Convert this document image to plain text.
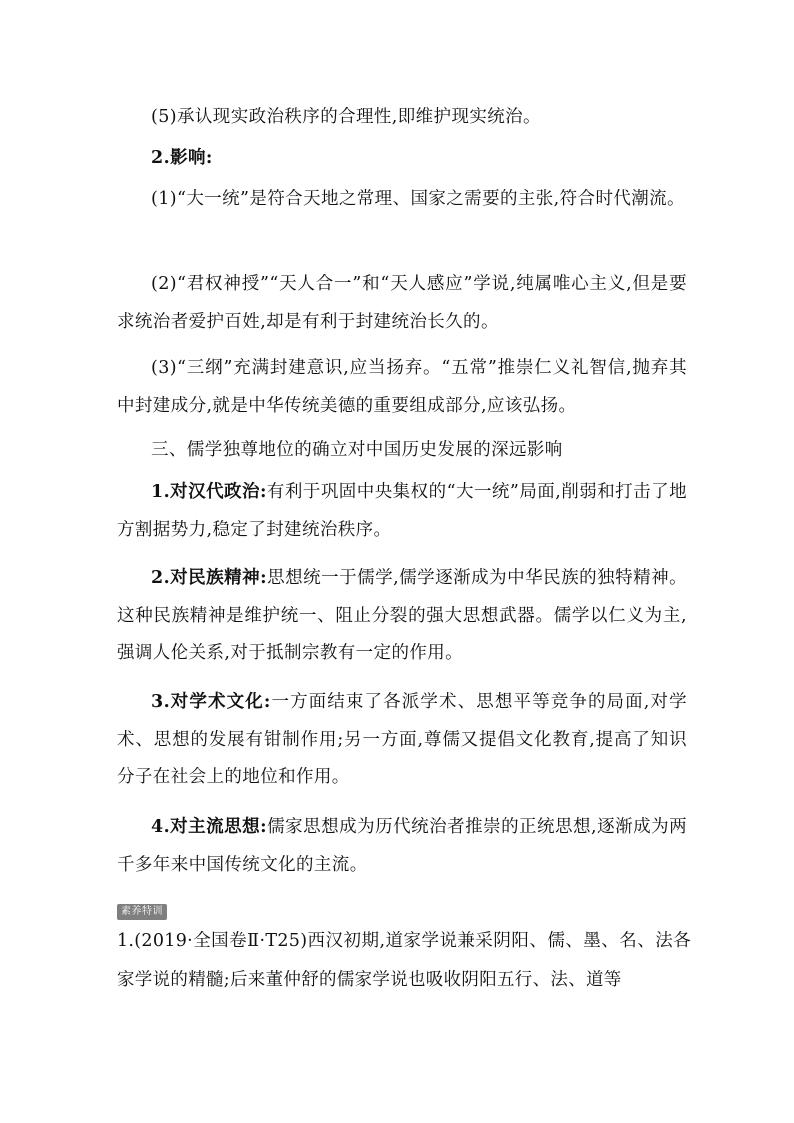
(5)承认现实政治秩序的合理性,即维护现实统治。

2.影响:

(1)“大一统”是符合天地之常理、国家之需要的主张,符合时代潮流。

(2)“君权神授”“天人合一”和“天人感应”学说,纯属唯心主义,但是要求统治者爱护百姓,却是有利于封建统治长久的。

(3)“三纲”充满封建意识,应当扬弃。“五常”推崇仁义礼智信,抛弃其中封建成分,就是中华传统美德的重要组成部分,应该弘扬。

三、儒学独尊地位的确立对中国历史发展的深远影响

1.对汉代政治:有利于巩固中央集权的“大一统”局面,削弱和打击了地方割据势力,稳定了封建统治秩序。

2.对民族精神:思想统一于儒学,儒学逐渐成为中华民族的独特精神。这种民族精神是维护统一、阻止分裂的强大思想武器。儒学以仁义为主,强调人伦关系,对于抵制宗教有一定的作用。

3.对学术文化:一方面结束了各派学术、思想平等竞争的局面,对学术、思想的发展有钳制作用;另一方面,尊儒又提倡文化教育,提高了知识分子在社会上的地位和作用。

4.对主流思想:儒家思想成为历代统治者推崇的正统思想,逐渐成为两千多年来中国传统文化的主流。

素养特训

1.(2019·全国卷Ⅱ·T25)西汉初期,道家学说兼采阴阳、儒、墨、名、法各家学说的精髓;后来董仲舒的儒家学说也吸收阴阳五行、法、道等
